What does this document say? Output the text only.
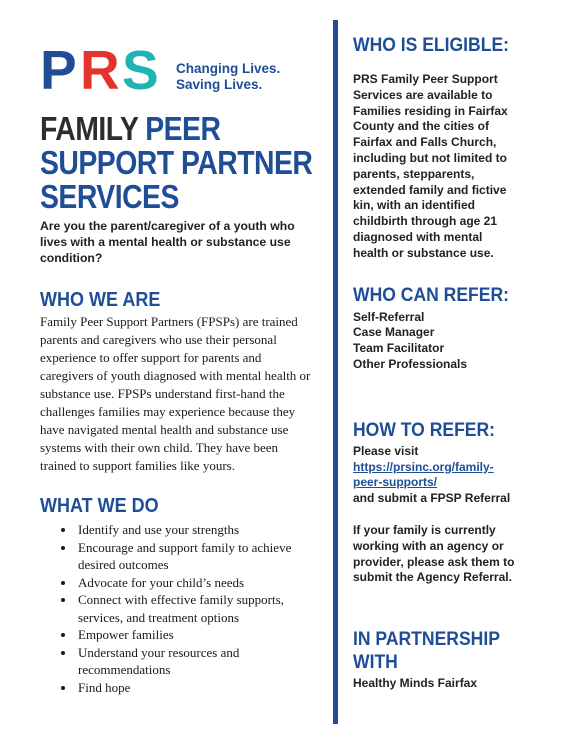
P R S Changing Lives.
Saving Lives.
FAMILY PEER
SUPPORT PARTNER
SERVICES
Are you the parent/caregiver of a youth who lives with a mental health or substance use condition?
WHO WE ARE
Family Peer Support Partners (FPSPs) are trained parents and caregivers who use their personal experience to offer support for parents and caregivers of youth diagnosed with mental health or substance use. FPSPs understand first-hand the challenges families may experience because they have navigated mental health and substance use systems with their own child. They have been trained to support families like yours.
WHAT WE DO
• Identify and use your strengths
• Encourage and support family to achieve desired outcomes
• Advocate for your child’s needs
• Connect with effective family supports, services, and treatment options
• Empower families
• Understand your resources and recommendations
• Find hope
WHO IS ELIGIBLE:
PRS Family Peer Support Services are available to Families residing in Fairfax County and the cities of Fairfax and Falls Church, including but not limited to parents, stepparents, extended family and fictive kin, with an identified childbirth through age 21 diagnosed with mental health or substance use.
WHO CAN REFER:
Self-Referral
Case Manager
Team Facilitator
Other Professionals
HOW TO REFER:
Please visit
https://prsinc.org/family-
peer-supports/
and submit a FPSP Referral
If your family is currently working with an agency or provider, please ask them to submit the Agency Referral.
IN PARTNERSHIP
WITH
Healthy Minds Fairfax
